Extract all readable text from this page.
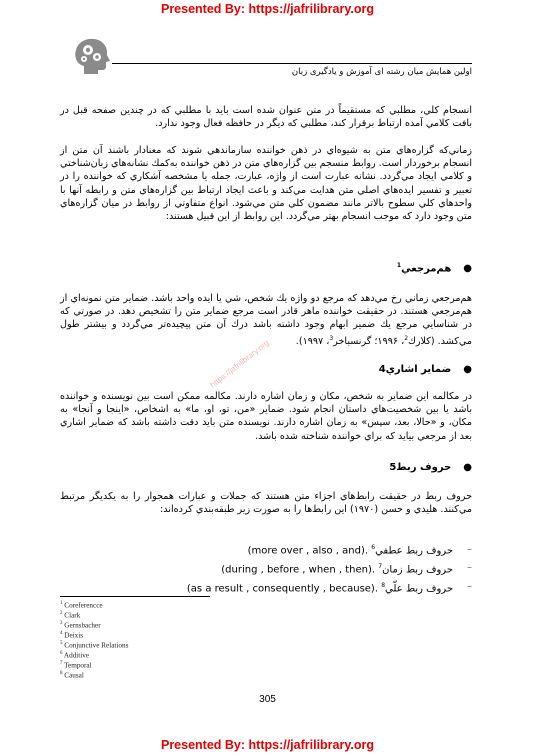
Presented By: https://jafrilibrary.org
اولين همايش ميان رشته اى آموزش و يادگيرى زبان
انسجام كلي، مطلبي كه مستقيماً در متن عنوان شده است بايد با مطلبي كه در چندين صفحه قبل در بافت كلامي آمده ارتباط برقرار كند، مطلبي كه ديگر در حافظه فعال وجود ندارد.
زماني‌كه گزاره‌هاي متن به شيوه‌اي در ذهن خواننده سازماندهي شوند كه معنادار باشند آن متن از انسجام برخوردار است. روابط منسجم بين گزاره‌هاي متن در ذهن خواننده به‌كمك نشانه‌هاي زبان‌شناختي و كلامي ايجاد مي‌گردد. نشانه عبارت است از واژه، عبارت، جمله يا مشخصه آشكاري كه خواننده را در تعبير و تفسير ايده‌هاي اصلي متن هدايت مي‌كند و باعث ايجاد ارتباط بين گزاره‌هاي متن و رابطه آنها با واحدهاي كلي سطوح بالاتر مانند مضمون كلي متن مي‌شود. انواع متفاوتي از روابط در ميان گزاره‌هاي متن وجود دارد كه موجب انسجام بهتر مي‌گردد. اين روابط از اين قبيل هستند:
●
هم‌مرجعي$^1$
هم‌مرجعي زماني رخ مي‌دهد كه مرجع دو واژه يك شخص، شي يا ايده واحد باشد. ضماير متن نمونه‌اي از هم‌مرجعي هستند. در حقيقت خواننده ماهر قادر است مرجع ضماير متن را تشخيص دهد. در صورتي كه در شناسايي مرجع يك ضمير ابهام وجود داشته باشد درك آن متن پيچيده‌تر مي‌گردد و بيشتر طول مي‌كشد. (كلارك$^2$، ۱۹۹۶؛ گرنسباخر$^3$، ۱۹۹۷).
●
ضماير اشاري4
در مكالمه اين ضماير به شخص، مكان و زمان اشاره دارند. مكالمه ممكن است بين نويسنده و خواننده باشد يا بين شخصيت‌هاي داستان انجام شود. ضماير «من، تو، او، ما» به اشخاص، «اينجا و آنجا» به مكان، و «حالا، بعد، سپس» به زمان اشاره دارند. نويسنده متن بايد دقت داشته باشد كه ضماير اشاري بعد از مرجعي بيايد كه براي خواننده شناخته شده باشد.
●
حروف ربط5
حروف ربط در حقيقت رابط‌هاي اجزاء متن هستند كه جملات و عبارات همجوار را به يكديگر مرتبط مي‌كنند. هليدي و حسن (۱۹۷۰) اين رابط‌ها را به صورت زير طبقه‌بندي كرده‌اند:
–
حروف ربط عطفي$^6$ (more over , also , and).
–
حروف ربط زمان$^7$ (during , before , when , then).
–
حروف ربط علّي$^8$ (as a result , consequently , because).
$^1$ Coreferencce
$^2$ Clark
$^3$ Gernsbacher
$^4$ Deixis
$^5$ Conjunctive Relations
$^6$ Additive
$^7$ Temporal
$^8$ Causal
https://jafrilibrary.org
305
Presented By: https://jafrilibrary.org
